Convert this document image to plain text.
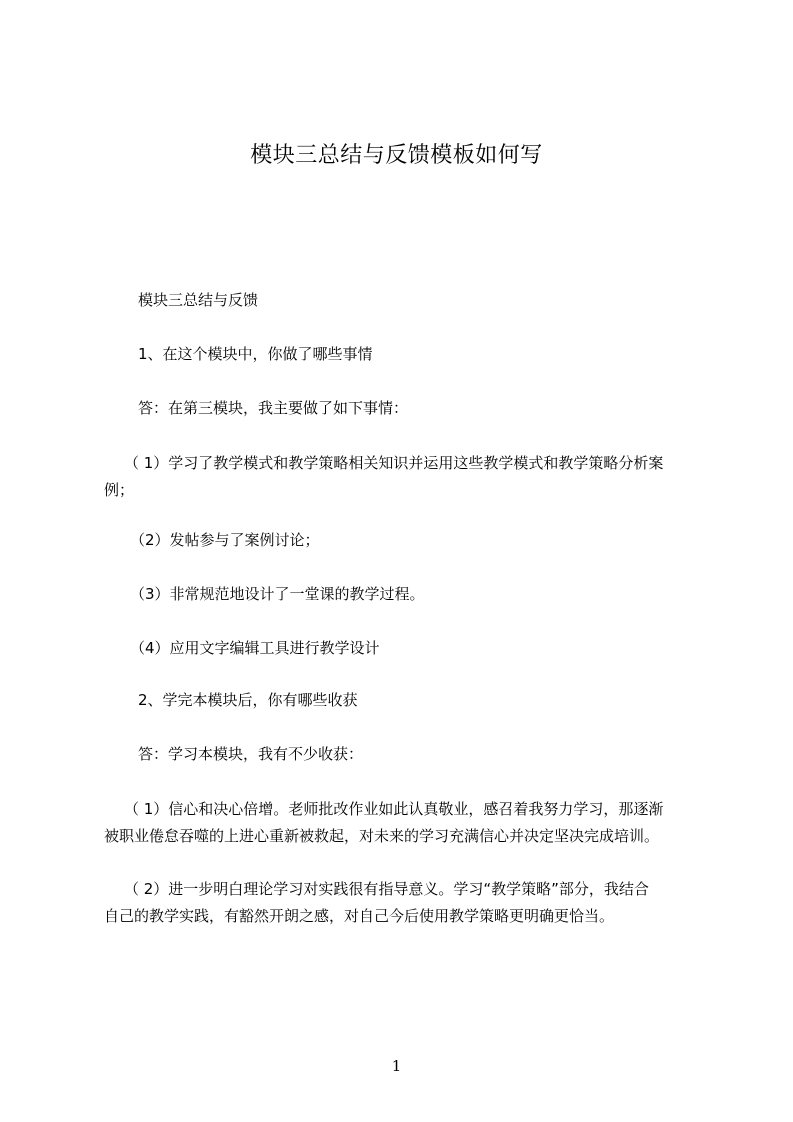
模块三总结与反馈模板如何写
模块三总结与反馈
1、在这个模块中，你做了哪些事情
答：在第三模块，我主要做了如下事情：
（ 1）学习了教学模式和教学策略相关知识并运用这些教学模式和教学策略分析案
例；
（2）发帖参与了案例讨论；
（3）非常规范地设计了一堂课的教学过程。
（4）应用文字编辑工具进行教学设计
2、学完本模块后，你有哪些收获
答：学习本模块，我有不少收获：
（ 1）信心和决心倍增。老师批改作业如此认真敬业，感召着我努力学习，那逐渐
被职业倦怠吞噬的上进心重新被救起，对未来的学习充满信心并决定坚决完成培训。
（ 2）进一步明白理论学习对实践很有指导意义。学习“教学策略”部分，我结合
自己的教学实践，有豁然开朗之感，对自己今后使用教学策略更明确更恰当。
1
